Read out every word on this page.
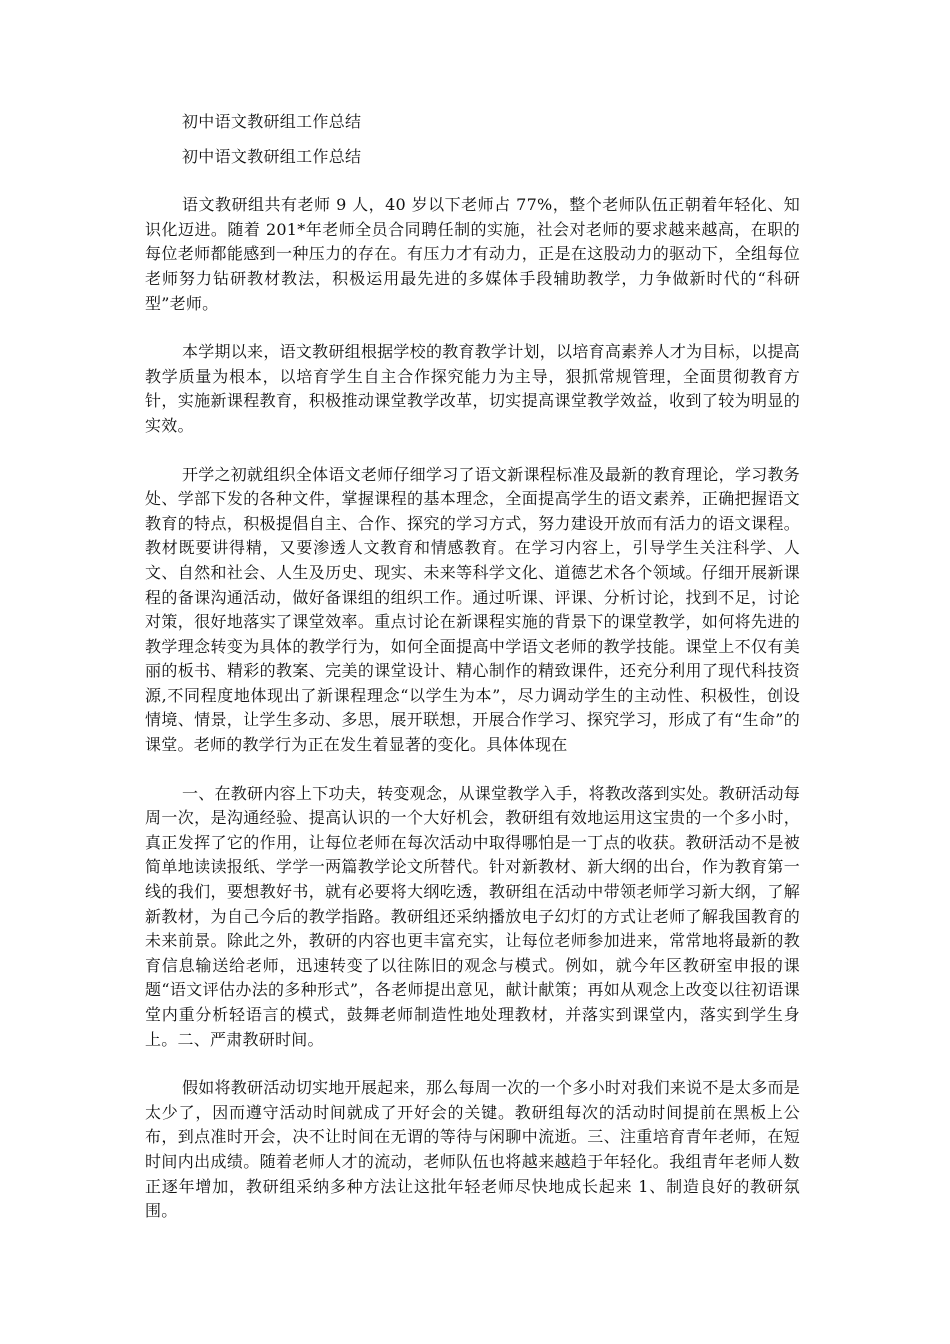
初中语文教研组工作总结

初中语文教研组工作总结

语文教研组共有老师 9 人，40 岁以下老师占 77%，整个老师队伍正朝着年轻化、知识化迈进。随着 201*年老师全员合同聘任制的实施，社会对老师的要求越来越高，在职的每位老师都能感到一种压力的存在。有压力才有动力，正是在这股动力的驱动下，全组每位老师努力钻研教材教法，积极运用最先进的多媒体手段辅助教学，力争做新时代的“科研型”老师。

本学期以来，语文教研组根据学校的教育教学计划，以培育高素养人才为目标，以提高教学质量为根本，以培育学生自主合作探究能力为主导，狠抓常规管理，全面贯彻教育方针，实施新课程教育，积极推动课堂教学改革，切实提高课堂教学效益，收到了较为明显的实效。

开学之初就组织全体语文老师仔细学习了语文新课程标准及最新的教育理论，学习教务处、学部下发的各种文件，掌握课程的基本理念，全面提高学生的语文素养，正确把握语文教育的特点，积极提倡自主、合作、探究的学习方式，努力建设开放而有活力的语文课程。教材既要讲得精，又要渗透人文教育和情感教育。在学习内容上，引导学生关注科学、人文、自然和社会、人生及历史、现实、未来等科学文化、道德艺术各个领域。仔细开展新课程的备课沟通活动，做好备课组的组织工作。通过听课、评课、分析讨论，找到不足，讨论对策，很好地落实了课堂效率。重点讨论在新课程实施的背景下的课堂教学，如何将先进的教学理念转变为具体的教学行为，如何全面提高中学语文老师的教学技能。课堂上不仅有美丽的板书、精彩的教案、完美的课堂设计、精心制作的精致课件，还充分利用了现代科技资源,不同程度地体现出了新课程理念“以学生为本”，尽力调动学生的主动性、积极性，创设情境、情景，让学生多动、多思，展开联想，开展合作学习、探究学习，形成了有“生命”的课堂。老师的教学行为正在发生着显著的变化。具体体现在

一、在教研内容上下功夫，转变观念，从课堂教学入手，将教改落到实处。教研活动每周一次，是沟通经验、提高认识的一个大好机会，教研组有效地运用这宝贵的一个多小时，真正发挥了它的作用，让每位老师在每次活动中取得哪怕是一丁点的收获。教研活动不是被简单地读读报纸、学学一两篇教学论文所替代。针对新教材、新大纲的出台，作为教育第一线的我们，要想教好书，就有必要将大纲吃透，教研组在活动中带领老师学习新大纲，了解新教材，为自己今后的教学指路。教研组还采纳播放电子幻灯的方式让老师了解我国教育的未来前景。除此之外，教研的内容也更丰富充实，让每位老师参加进来，常常地将最新的教育信息输送给老师，迅速转变了以往陈旧的观念与模式。例如，就今年区教研室申报的课题“语文评估办法的多种形式”，各老师提出意见，献计献策；再如从观念上改变以往初语课堂内重分析轻语言的模式，鼓舞老师制造性地处理教材，并落实到课堂内，落实到学生身上。二、严肃教研时间。

假如将教研活动切实地开展起来，那么每周一次的一个多小时对我们来说不是太多而是太少了，因而遵守活动时间就成了开好会的关键。教研组每次的活动时间提前在黑板上公布，到点准时开会，决不让时间在无谓的等待与闲聊中流逝。三、注重培育青年老师，在短时间内出成绩。随着老师人才的流动，老师队伍也将越来越趋于年轻化。我组青年老师人数正逐年增加，教研组采纳多种方法让这批年轻老师尽快地成长起来 1、制造良好的教研氛围。
